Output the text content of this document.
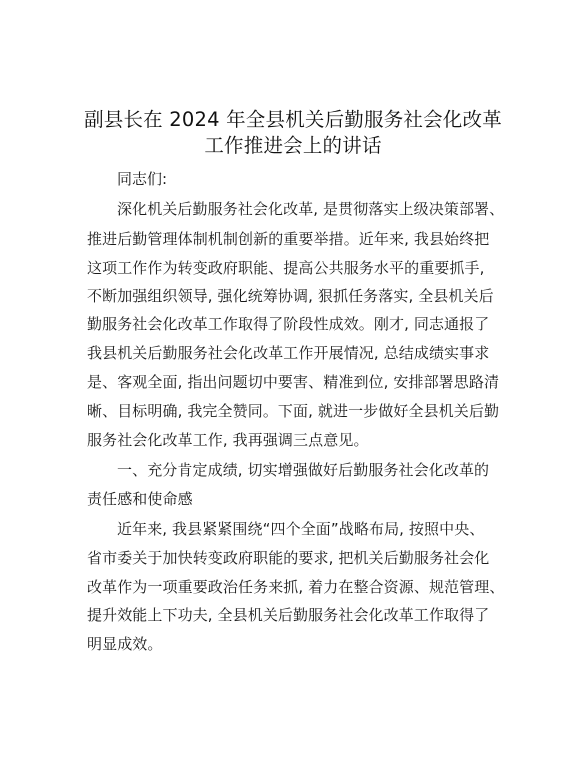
副县长在 2024 年全县机关后勤服务社会化改革
工作推进会上的讲话
同志们:
深化机关后勤服务社会化改革, 是贯彻落实上级决策部署、
推进后勤管理体制机制创新的重要举措。近年来, 我县始终把
这项工作作为转变政府职能、提高公共服务水平的重要抓手,
不断加强组织领导, 强化统筹协调, 狠抓任务落实, 全县机关后
勤服务社会化改革工作取得了阶段性成效。刚才, 同志通报了
我县机关后勤服务社会化改革工作开展情况, 总结成绩实事求
是、客观全面, 指出问题切中要害、精准到位, 安排部署思路清
晰、目标明确, 我完全赞同。下面, 就进一步做好全县机关后勤
服务社会化改革工作, 我再强调三点意见。
一、充分肯定成绩, 切实增强做好后勤服务社会化改革的
责任感和使命感
近年来, 我县紧紧围绕“四个全面”战略布局, 按照中央、
省市委关于加快转变政府职能的要求, 把机关后勤服务社会化
改革作为一项重要政治任务来抓, 着力在整合资源、规范管理、
提升效能上下功夫, 全县机关后勤服务社会化改革工作取得了
明显成效。
